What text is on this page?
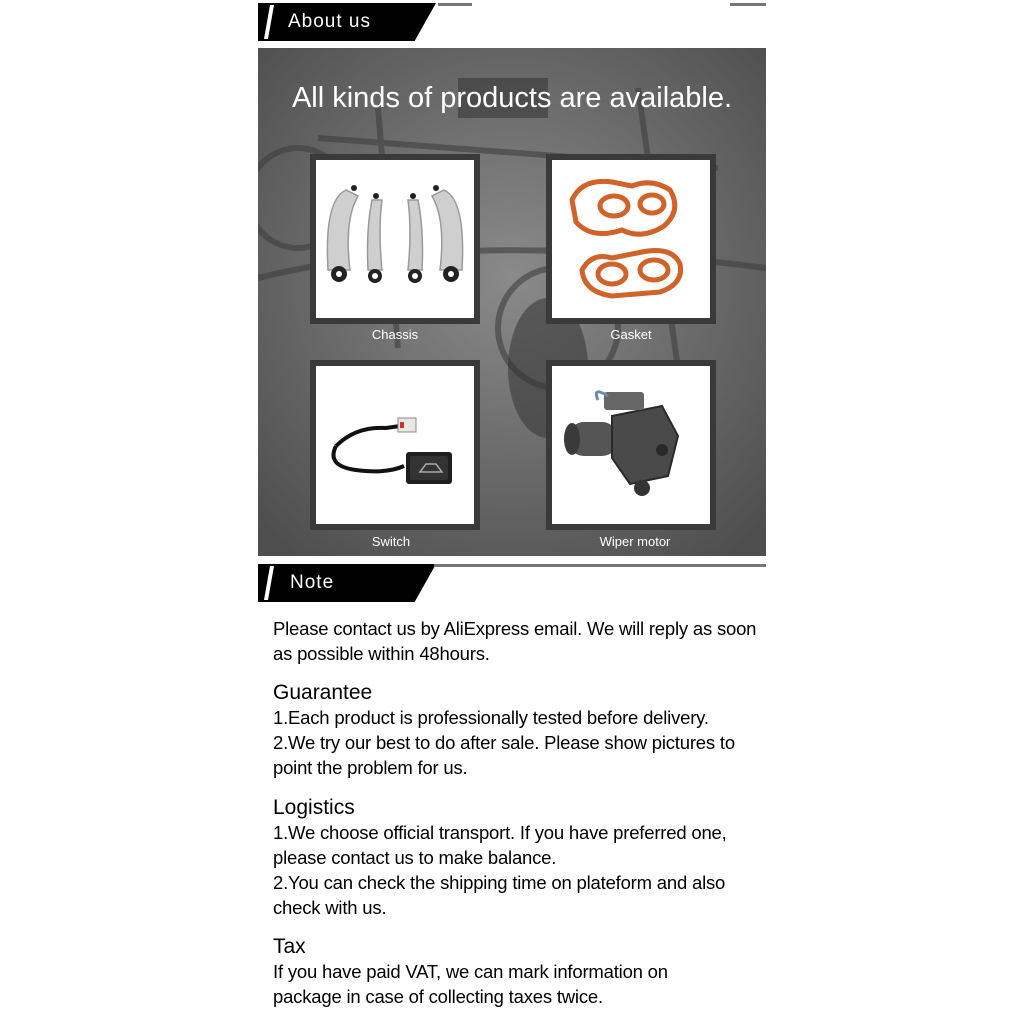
About us
All kinds of products are available.
Chassis	Gasket
Switch	Wiper motor
Note
Please contact us by AliExpress email. We will reply as soon as possible within 48hours.
Guarantee
1.Each product is professionally tested before delivery.
2.We try our best to do after sale. Please show pictures to point the problem for us.
Logistics
1.We choose official transport. If you have preferred one, please contact us to make balance.
2.You can check the shipping time on plateform and also check with us.
Tax
If you have paid VAT, we can mark information on package in case of collecting taxes twice.
